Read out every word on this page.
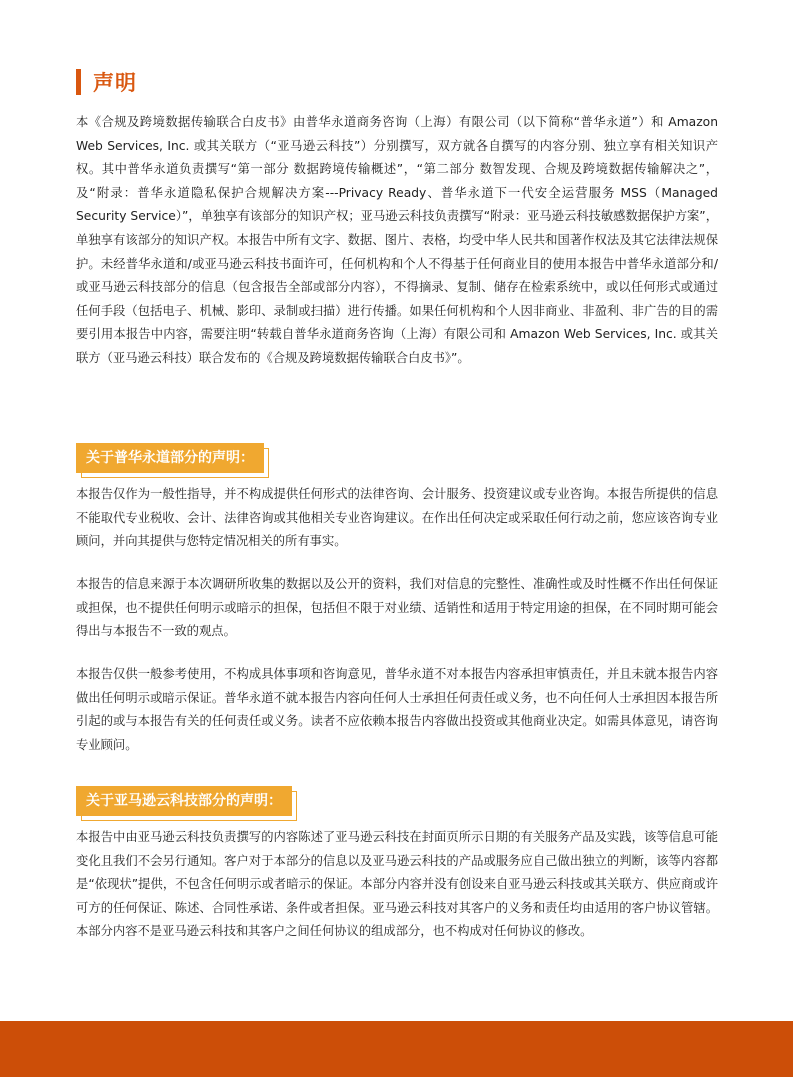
声明

本《合规及跨境数据传输联合白皮书》由普华永道商务咨询（上海）有限公司（以下简称“普华永道”）和 Amazon Web Services, Inc. 或其关联方（“亚马逊云科技”）分别撰写，双方就各自撰写的内容分别、独立享有相关知识产权。其中普华永道负责撰写“第一部分 数据跨境传输概述”，“第二部分 数智发现、合规及跨境数据传输解决之”，及“附录：普华永道隐私保护合规解决方案---Privacy Ready、普华永道下一代安全运营服务 MSS（Managed Security Service）”，单独享有该部分的知识产权；亚马逊云科技负责撰写“附录：亚马逊云科技敏感数据保护方案”，单独享有该部分的知识产权。本报告中所有文字、数据、图片、表格，均受中华人民共和国著作权法及其它法律法规保护。未经普华永道和/或亚马逊云科技书面许可，任何机构和个人不得基于任何商业目的使用本报告中普华永道部分和/或亚马逊云科技部分的信息（包含报告全部或部分内容），不得摘录、复制、储存在检索系统中，或以任何形式或通过任何手段（包括电子、机械、影印、录制或扫描）进行传播。如果任何机构和个人因非商业、非盈利、非广告的目的需要引用本报告中内容，需要注明“转载自普华永道商务咨询（上海）有限公司和 Amazon Web Services, Inc. 或其关联方（亚马逊云科技）联合发布的《合规及跨境数据传输联合白皮书》”。

关于普华永道部分的声明：

本报告仅作为一般性指导，并不构成提供任何形式的法律咨询、会计服务、投资建议或专业咨询。本报告所提供的信息不能取代专业税收、会计、法律咨询或其他相关专业咨询建议。在作出任何决定或采取任何行动之前，您应该咨询专业顾问，并向其提供与您特定情况相关的所有事实。

本报告的信息来源于本次调研所收集的数据以及公开的资料，我们对信息的完整性、准确性或及时性概不作出任何保证或担保，也不提供任何明示或暗示的担保，包括但不限于对业绩、适销性和适用于特定用途的担保，在不同时期可能会得出与本报告不一致的观点。

本报告仅供一般参考使用，不构成具体事项和咨询意见，普华永道不对本报告内容承担审慎责任，并且未就本报告内容做出任何明示或暗示保证。普华永道不就本报告内容向任何人士承担任何责任或义务，也不向任何人士承担因本报告所引起的或与本报告有关的任何责任或义务。读者不应依赖本报告内容做出投资或其他商业决定。如需具体意见，请咨询专业顾问。

关于亚马逊云科技部分的声明：

本报告中由亚马逊云科技负责撰写的内容陈述了亚马逊云科技在封面页所示日期的有关服务产品及实践，该等信息可能变化且我们不会另行通知。客户对于本部分的信息以及亚马逊云科技的产品或服务应自己做出独立的判断，该等内容都是“依现状”提供，不包含任何明示或者暗示的保证。本部分内容并没有创设来自亚马逊云科技或其关联方、供应商或许可方的任何保证、陈述、合同性承诺、条件或者担保。亚马逊云科技对其客户的义务和责任均由适用的客户协议管辖。本部分内容不是亚马逊云科技和其客户之间任何协议的组成部分，也不构成对任何协议的修改。
